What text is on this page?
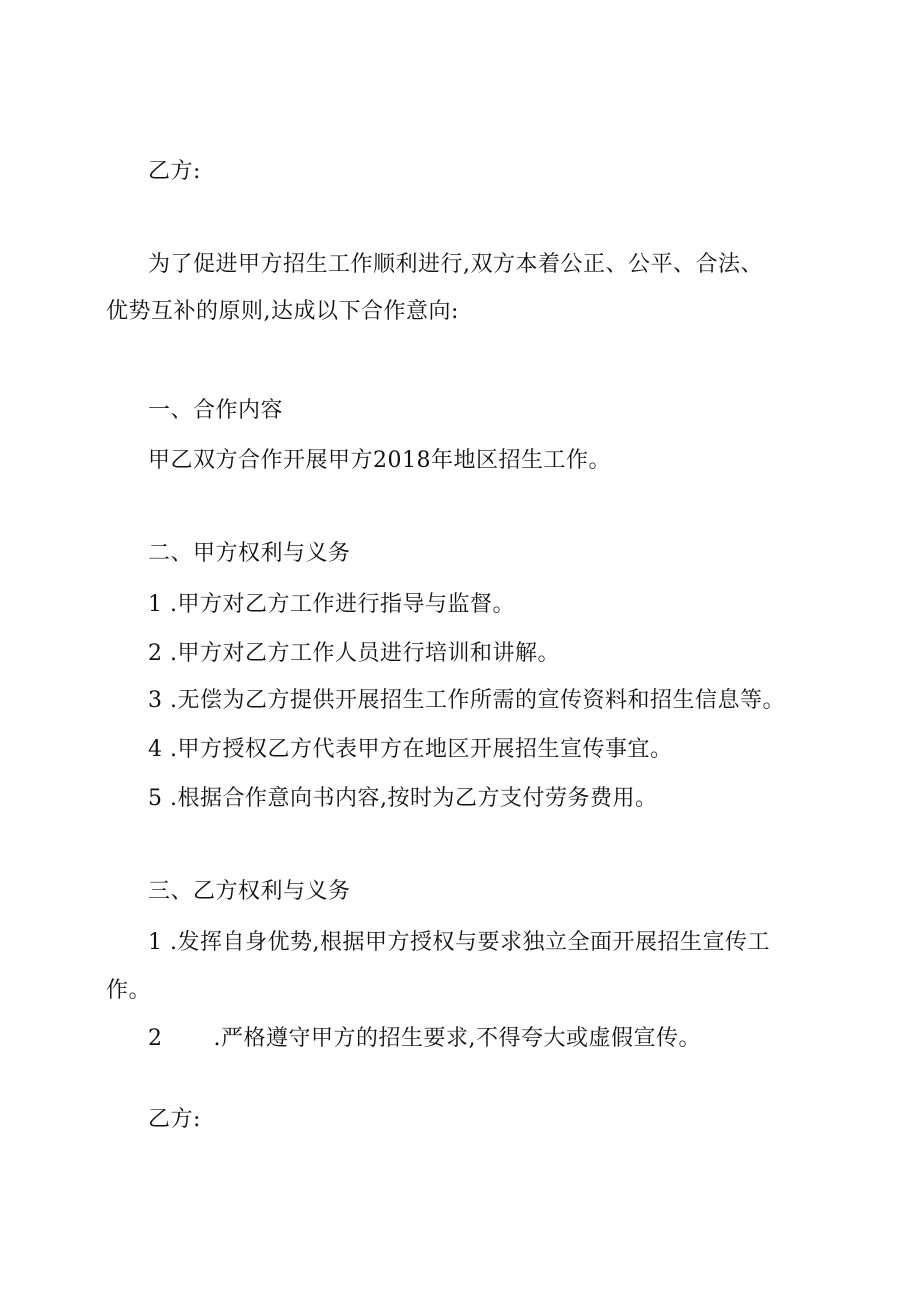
乙方:
为了促进甲方招生工作顺利进行,双方本着公正、公平、合法、
优势互补的原则,达成以下合作意向:
一、合作内容
甲乙双方合作开展甲方2018年地区招生工作。
二、甲方权利与义务
1 .甲方对乙方工作进行指导与监督。
2 .甲方对乙方工作人员进行培训和讲解。
3 .无偿为乙方提供开展招生工作所需的宣传资料和招生信息等。
4 .甲方授权乙方代表甲方在地区开展招生宣传事宜。
5 .根据合作意向书内容,按时为乙方支付劳务费用。
三、乙方权利与义务
1 .发挥自身优势,根据甲方授权与要求独立全面开展招生宣传工
作。
2 .严格遵守甲方的招生要求,不得夸大或虚假宣传。
乙方:
